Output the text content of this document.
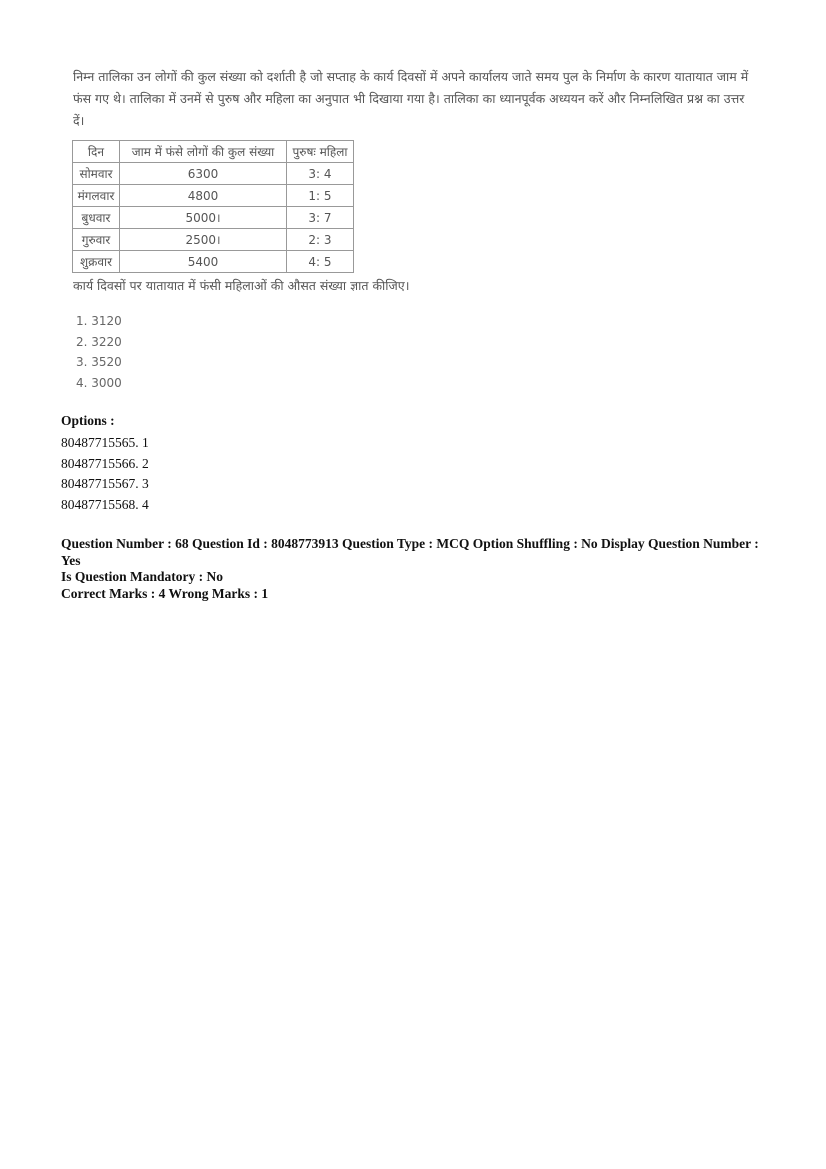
निम्न तालिका उन लोगों की कुल संख्या को दर्शाती है जो सप्ताह के कार्य दिवसों में अपने कार्यालय जाते समय पुल के निर्माण के कारण यातायात जाम में फंस गए थे। तालिका में उनमें से पुरुष और महिला का अनुपात भी दिखाया गया है। तालिका का ध्यानपूर्वक अध्ययन करें और निम्नलिखित प्रश्न का उत्तर दें।
दिन	जाम में फंसे लोगों की कुल संख्या	पुरुषः महिला
सोमवार	6300	3: 4
मंगलवार	4800	1: 5
बुधवार	5000।	3: 7
गुरुवार	2500।	2: 3
शुक्रवार	5400	4: 5
कार्य दिवसों पर यातायात में फंसी महिलाओं की औसत संख्या ज्ञात कीजिए।
1. 3120
2. 3220
3. 3520
4. 3000
Options :
80487715565. 1
80487715566. 2
80487715567. 3
80487715568. 4
Question Number : 68 Question Id : 8048773913 Question Type : MCQ Option Shuffling : No Display Question Number : Yes
Is Question Mandatory : No
Correct Marks : 4 Wrong Marks : 1
